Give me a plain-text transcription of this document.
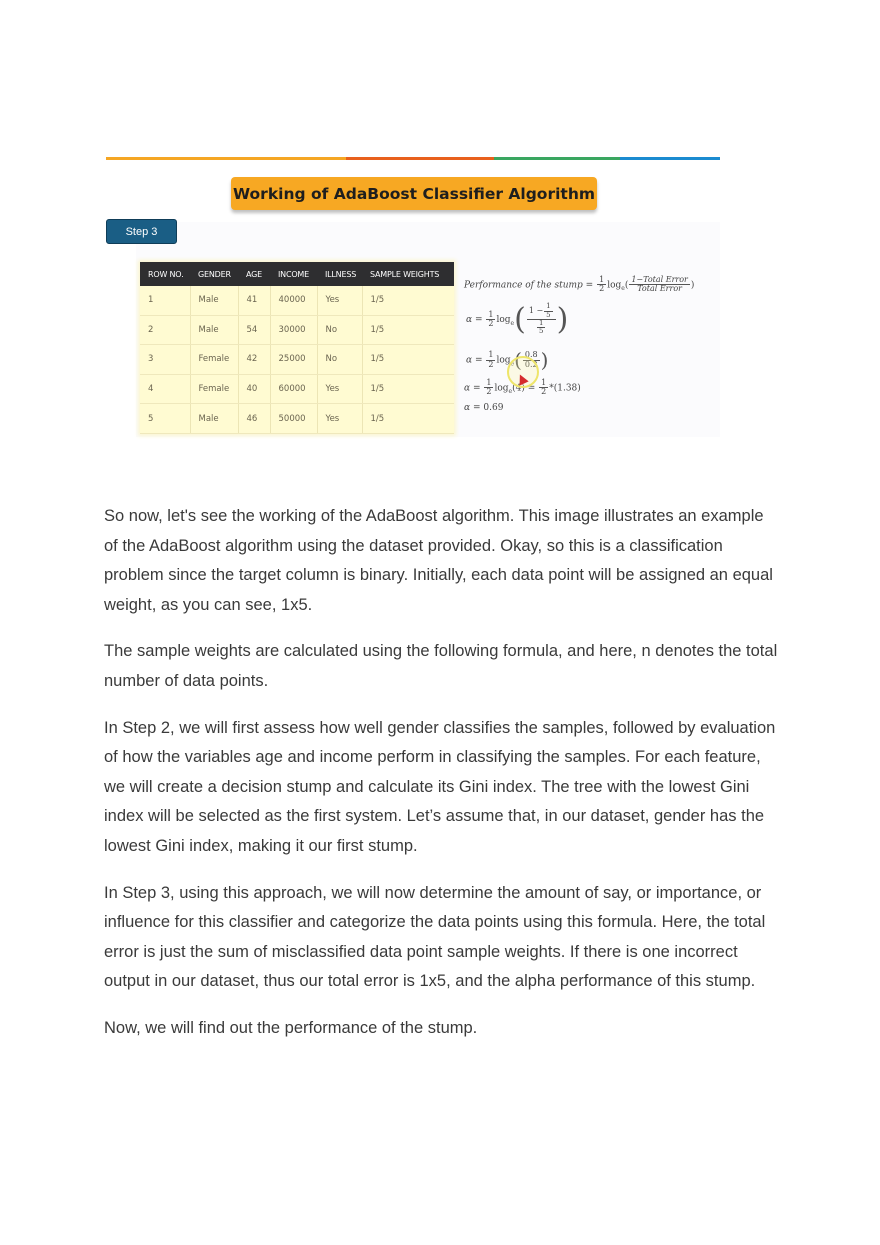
Working of AdaBoost Classifier Algorithm
Step 3
ROW NO.	GENDER	AGE	INCOME	ILLNESS	SAMPLE WEIGHTS
1	Male	41	40000	Yes	1/5
2	Male	54	30000	No	1/5
3	Female	42	25000	No	1/5
4	Female	40	60000	Yes	1/5
5	Male	46	50000	Yes	1/5
Performance of the stump = $\frac{1}{2} \log_e( \frac{\text{1−Total Error}}{\text{Total Error}}$ )
$\alpha = \frac{1}{2} \log_e( \frac{1 - \frac{1}{5}}{\frac{1}{5}}$ )
$\alpha = \frac{1}{2} \log_e( \frac{0.8}{0.2}$ )
$\alpha = \frac{1}{2} \log_e(4) = \frac{1}{2} *(1.38)$
α = 0.69

So now, let's see the working of the AdaBoost algorithm. This image illustrates an example of the AdaBoost algorithm using the dataset provided. Okay, so this is a classification problem since the target column is binary. Initially, each data point will be assigned an equal weight, as you can see, 1x5.

The sample weights are calculated using the following formula, and here, n denotes the total number of data points.

In Step 2, we will first assess how well gender classifies the samples, followed by evaluation of how the variables age and income perform in classifying the samples. For each feature, we will create a decision stump and calculate its Gini index. The tree with the lowest Gini index will be selected as the first system. Let’s assume that, in our dataset, gender has the lowest Gini index, making it our first stump.

In Step 3, using this approach, we will now determine the amount of say, or importance, or influence for this classifier and categorize the data points using this formula. Here, the total error is just the sum of misclassified data point sample weights. If there is one incorrect output in our dataset, thus our total error is 1x5, and the alpha performance of this stump.

Now, we will find out the performance of the stump.
